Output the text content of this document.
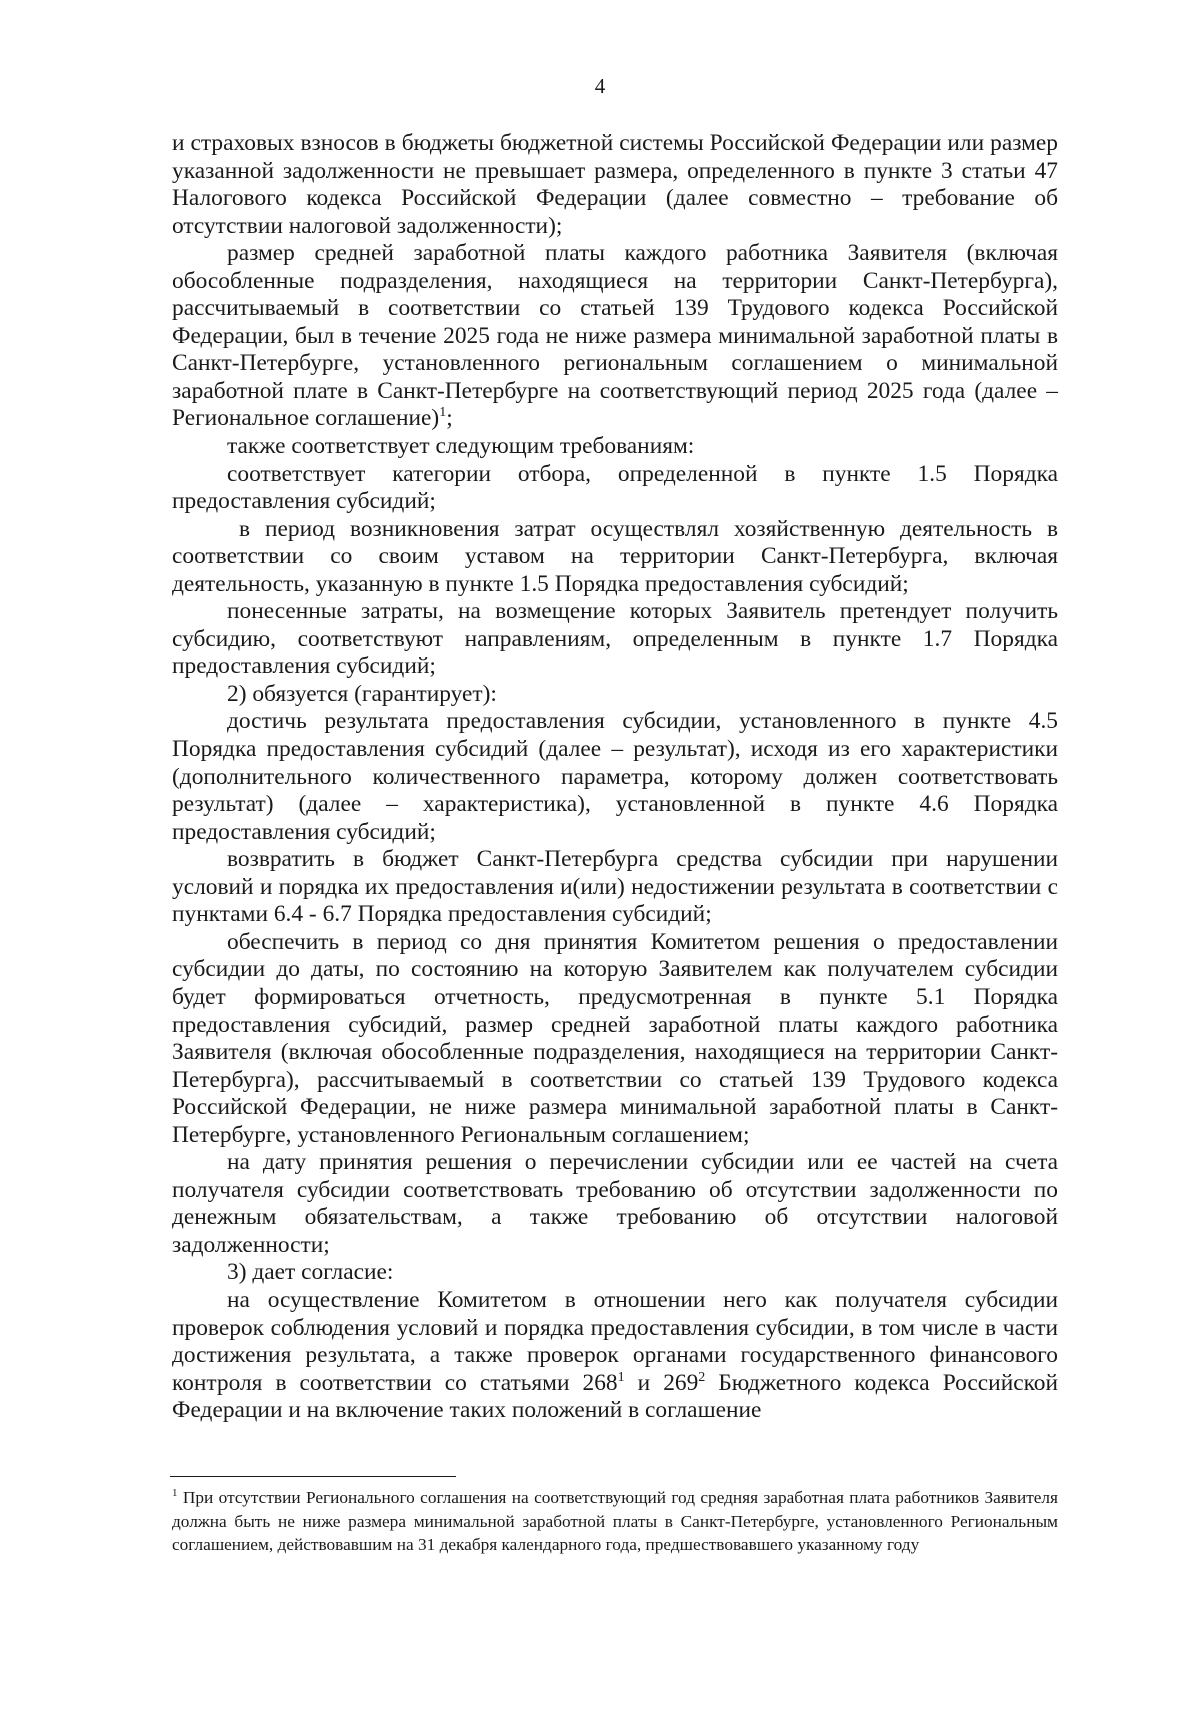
4

и страховых взносов в бюджеты бюджетной системы Российской Федерации или размер указанной задолженности не превышает размера, определенного в пункте 3 статьи 47 Налогового кодекса Российской Федерации (далее совместно – требование об отсутствии налоговой задолженности);

размер средней заработной платы каждого работника Заявителя (включая обособленные подразделения, находящиеся на территории Санкт-Петербурга), рассчитываемый в соответствии со статьей 139 Трудового кодекса Российской Федерации, был в течение 2025 года не ниже размера минимальной заработной платы в Санкт-Петербурге, установленного региональным соглашением о минимальной заработной плате в Санкт-Петербурге на соответствующий период 2025 года (далее – Региональное соглашение)$^1$;

также соответствует следующим требованиям:

соответствует категории отбора, определенной в пункте 1.5 Порядка предоставления субсидий;

в период возникновения затрат осуществлял хозяйственную деятельность в соответствии со своим уставом на территории Санкт-Петербурга, включая деятельность, указанную в пункте 1.5 Порядка предоставления субсидий;

понесенные затраты, на возмещение которых Заявитель претендует получить субсидию, соответствуют направлениям, определенным в пункте 1.7 Порядка предоставления субсидий;

2) обязуется (гарантирует):

достичь результата предоставления субсидии, установленного в пункте 4.5 Порядка предоставления субсидий (далее – результат), исходя из его характеристики (дополнительного количественного параметра, которому должен соответствовать результат) (далее – характеристика), установленной в пункте 4.6 Порядка предоставления субсидий;

возвратить в бюджет Санкт-Петербурга средства субсидии при нарушении условий и порядка их предоставления и(или) недостижении результата в соответствии с пунктами 6.4 - 6.7 Порядка предоставления субсидий;

обеспечить в период со дня принятия Комитетом решения о предоставлении субсидии до даты, по состоянию на которую Заявителем как получателем субсидии будет формироваться отчетность, предусмотренная в пункте 5.1 Порядка предоставления субсидий, размер средней заработной платы каждого работника Заявителя (включая обособленные подразделения, находящиеся на территории Санкт-Петербурга), рассчитываемый в соответствии со статьей 139 Трудового кодекса Российской Федерации, не ниже размера минимальной заработной платы в Санкт-Петербурге, установленного Региональным соглашением;

на дату принятия решения о перечислении субсидии или ее частей на счета получателя субсидии соответствовать требованию об отсутствии задолженности по денежным обязательствам, а также требованию об отсутствии налоговой задолженности;

3) дает согласие:

на осуществление Комитетом в отношении него как получателя субсидии проверок соблюдения условий и порядка предоставления субсидии, в том числе в части достижения результата, а также проверок органами государственного финансового контроля в соответствии со статьями $268^1$ и $269^2$ Бюджетного кодекса Российской Федерации и на включение таких положений в соглашение

$^1$ При отсутствии Регионального соглашения на соответствующий год средняя заработная плата работников Заявителя должна быть не ниже размера минимальной заработной платы в Санкт-Петербурге, установленного Региональным соглашением, действовавшим на 31 декабря календарного года, предшествовавшего указанному году
